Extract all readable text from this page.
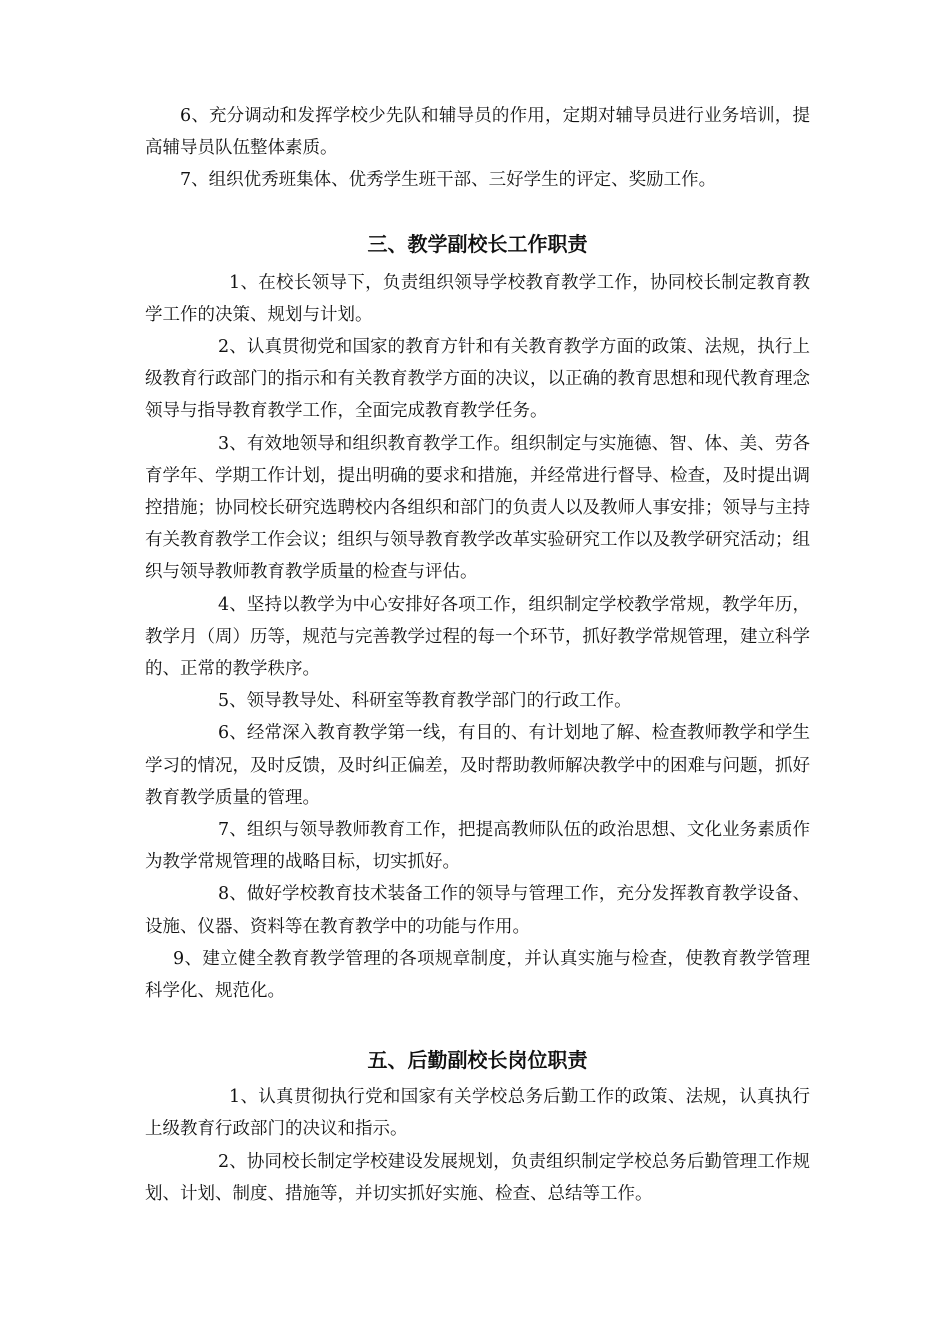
6、充分调动和发挥学校少先队和辅导员的作用，定期对辅导员进行业务培训，提高辅导员队伍整体素质。

7、组织优秀班集体、优秀学生班干部、三好学生的评定、奖励工作。

三、教学副校长工作职责

1、在校长领导下，负责组织领导学校教育教学工作，协同校长制定教育教学工作的决策、规划与计划。

2、认真贯彻党和国家的教育方针和有关教育教学方面的政策、法规，执行上级教育行政部门的指示和有关教育教学方面的决议，以正确的教育思想和现代教育理念领导与指导教育教学工作，全面完成教育教学任务。

3、有效地领导和组织教育教学工作。组织制定与实施德、智、体、美、劳各育学年、学期工作计划，提出明确的要求和措施，并经常进行督导、检查，及时提出调控措施；协同校长研究选聘校内各组织和部门的负责人以及教师人事安排；领导与主持有关教育教学工作会议；组织与领导教育教学改革实验研究工作以及教学研究活动；组织与领导教师教育教学质量的检查与评估。

4、坚持以教学为中心安排好各项工作，组织制定学校教学常规，教学年历，教学月（周）历等，规范与完善教学过程的每一个环节，抓好教学常规管理，建立科学的、正常的教学秩序。

5、领导教导处、科研室等教育教学部门的行政工作。

6、经常深入教育教学第一线，有目的、有计划地了解、检查教师教学和学生学习的情况，及时反馈，及时纠正偏差，及时帮助教师解决教学中的困难与问题，抓好教育教学质量的管理。

7、组织与领导教师教育工作，把提高教师队伍的政治思想、文化业务素质作为教学常规管理的战略目标，切实抓好。

8、做好学校教育技术装备工作的领导与管理工作，充分发挥教育教学设备、设施、仪器、资料等在教育教学中的功能与作用。

9、建立健全教育教学管理的各项规章制度，并认真实施与检查，使教育教学管理科学化、规范化。

五、后勤副校长岗位职责

1、认真贯彻执行党和国家有关学校总务后勤工作的政策、法规，认真执行上级教育行政部门的决议和指示。

2、协同校长制定学校建设发展规划，负责组织制定学校总务后勤管理工作规划、计划、制度、措施等，并切实抓好实施、检查、总结等工作。
